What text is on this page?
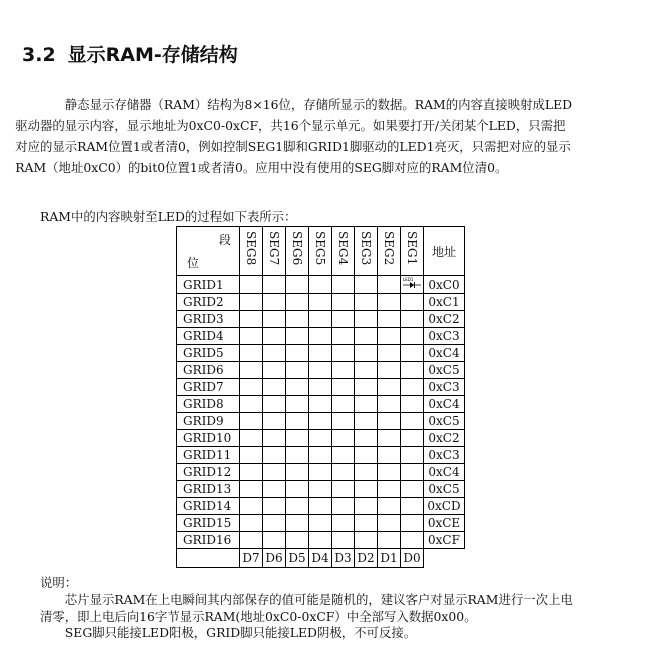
3.2 显示RAM-存储结构
静态显示存储器（RAM）结构为8×16位，存储所显示的数据。RAM的内容直接映射成LED
驱动器的显示内容，显示地址为0xC0-0xCF，共16个显示单元。如果要打开/关闭某个LED，只需把
对应的显示RAM位置1或者清0，例如控制SEG1脚和GRID1脚驱动的LED1亮灭，只需把对应的显示
RAM（地址0xC0）的bit0位置1或者清0。应用中没有使用的SEG脚对应的RAM位清0。
RAM中的内容映射至LED的过程如下表所示：
段
位	SEG8	SEG7	SEG6	SEG5	SEG4	SEG3	SEG2	SEG1	地址
GRID1								LED1	0xC0
GRID2									0xC1
GRID3									0xC2
GRID4									0xC3
GRID5									0xC4
GRID6									0xC5
GRID7									0xC3
GRID8									0xC4
GRID9									0xC5
GRID10									0xC2
GRID11									0xC3
GRID12									0xC4
GRID13									0xC5
GRID14									0xCD
GRID15									0xCE
GRID16									0xCF
	D7	D6	D5	D4	D3	D2	D1	D0	
说明：
芯片显示RAM在上电瞬间其内部保存的值可能是随机的，建议客户对显示RAM进行一次上电
清零，即上电后向16字节显示RAM(地址0xC0-0xCF）中全部写入数据0x00。
SEG脚只能接LED阳极，GRID脚只能接LED阴极，不可反接。
